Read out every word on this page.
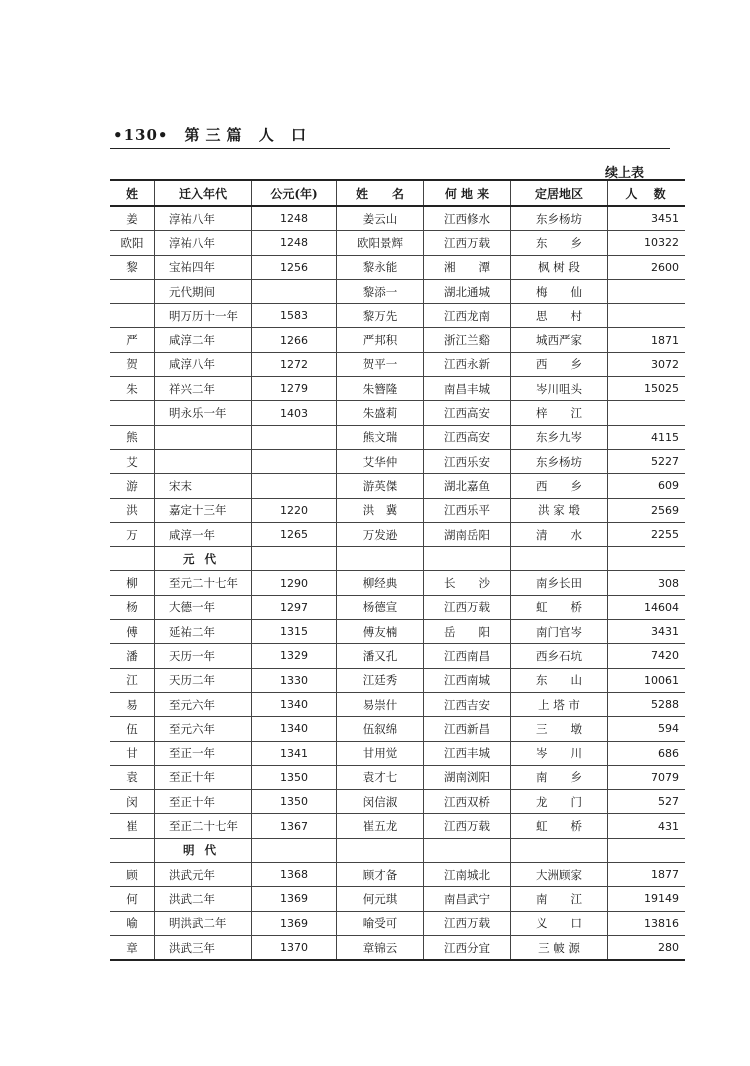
•130• 第三篇 人 口
续上表
姓	迁入年代	公元(年)	姓　　名	何 地 来	定居地区	人　 数
姜	淳祐八年	1248	姜云山	江西修水	东乡杨坊	3451
欧阳	淳祐八年	1248	欧阳景辉	江西万载	东　　乡	10322
黎	宝祐四年	1256	黎永能	湘　　潭	枫 树 段	2600
	元代期间		黎添一	湖北通城	梅　　仙	
	明万历十一年	1583	黎万先	江西龙南	思　　村	
严	咸淳二年	1266	严邦积	浙江兰谿	城西严家	1871
贺	咸淳八年	1272	贺平一	江西永新	西　　乡	3072
朱	祥兴二年	1279	朱簪隆	南昌丰城	岑川咀头	15025
	明永乐一年	1403	朱盛莉	江西高安	梓　　江	
熊			熊文瑞	江西高安	东乡九岑	4115
艾			艾华仲	江西乐安	东乡杨坊	5227
游	宋末		游英傑	湖北嘉鱼	西　　乡	609
洪	嘉定十三年	1220	洪　冀	江西乐平	洪 家 塅	2569
万	咸淳一年	1265	万发逊	湖南岳阳	清　　水	2255
	元代					
柳	至元二十七年	1290	柳经典	长　　沙	南乡长田	308
杨	大德一年	1297	杨德宣	江西万载	虹　　桥	14604
傅	延祐二年	1315	傅友楠	岳　　阳	南门官岑	3431
潘	天历一年	1329	潘又孔	江西南昌	西乡石坑	7420
江	天历二年	1330	江廷秀	江西南城	东　　山	10061
易	至元六年	1340	易崇什	江西吉安	上 塔 市	5288
伍	至元六年	1340	伍叙绵	江西新昌	三　　墩	594
甘	至正一年	1341	甘用觉	江西丰城	岑　　川	686
袁	至正十年	1350	袁才七	湖南浏阳	南　　乡	7079
闵	至正十年	1350	闵信淑	江西双桥	龙　　门	527
崔	至正二十七年	1367	崔五龙	江西万载	虹　　桥	431
	明代					
顾	洪武元年	1368	顾才备	江南城北	大洲顾家	1877
何	洪武二年	1369	何元琪	南昌武宁	南　　江	19149
喻	明洪武二年	1369	喻受可	江西万载	义　　口	13816
章	洪武三年	1370	章锦云	江西分宜	三 帔 源	280
